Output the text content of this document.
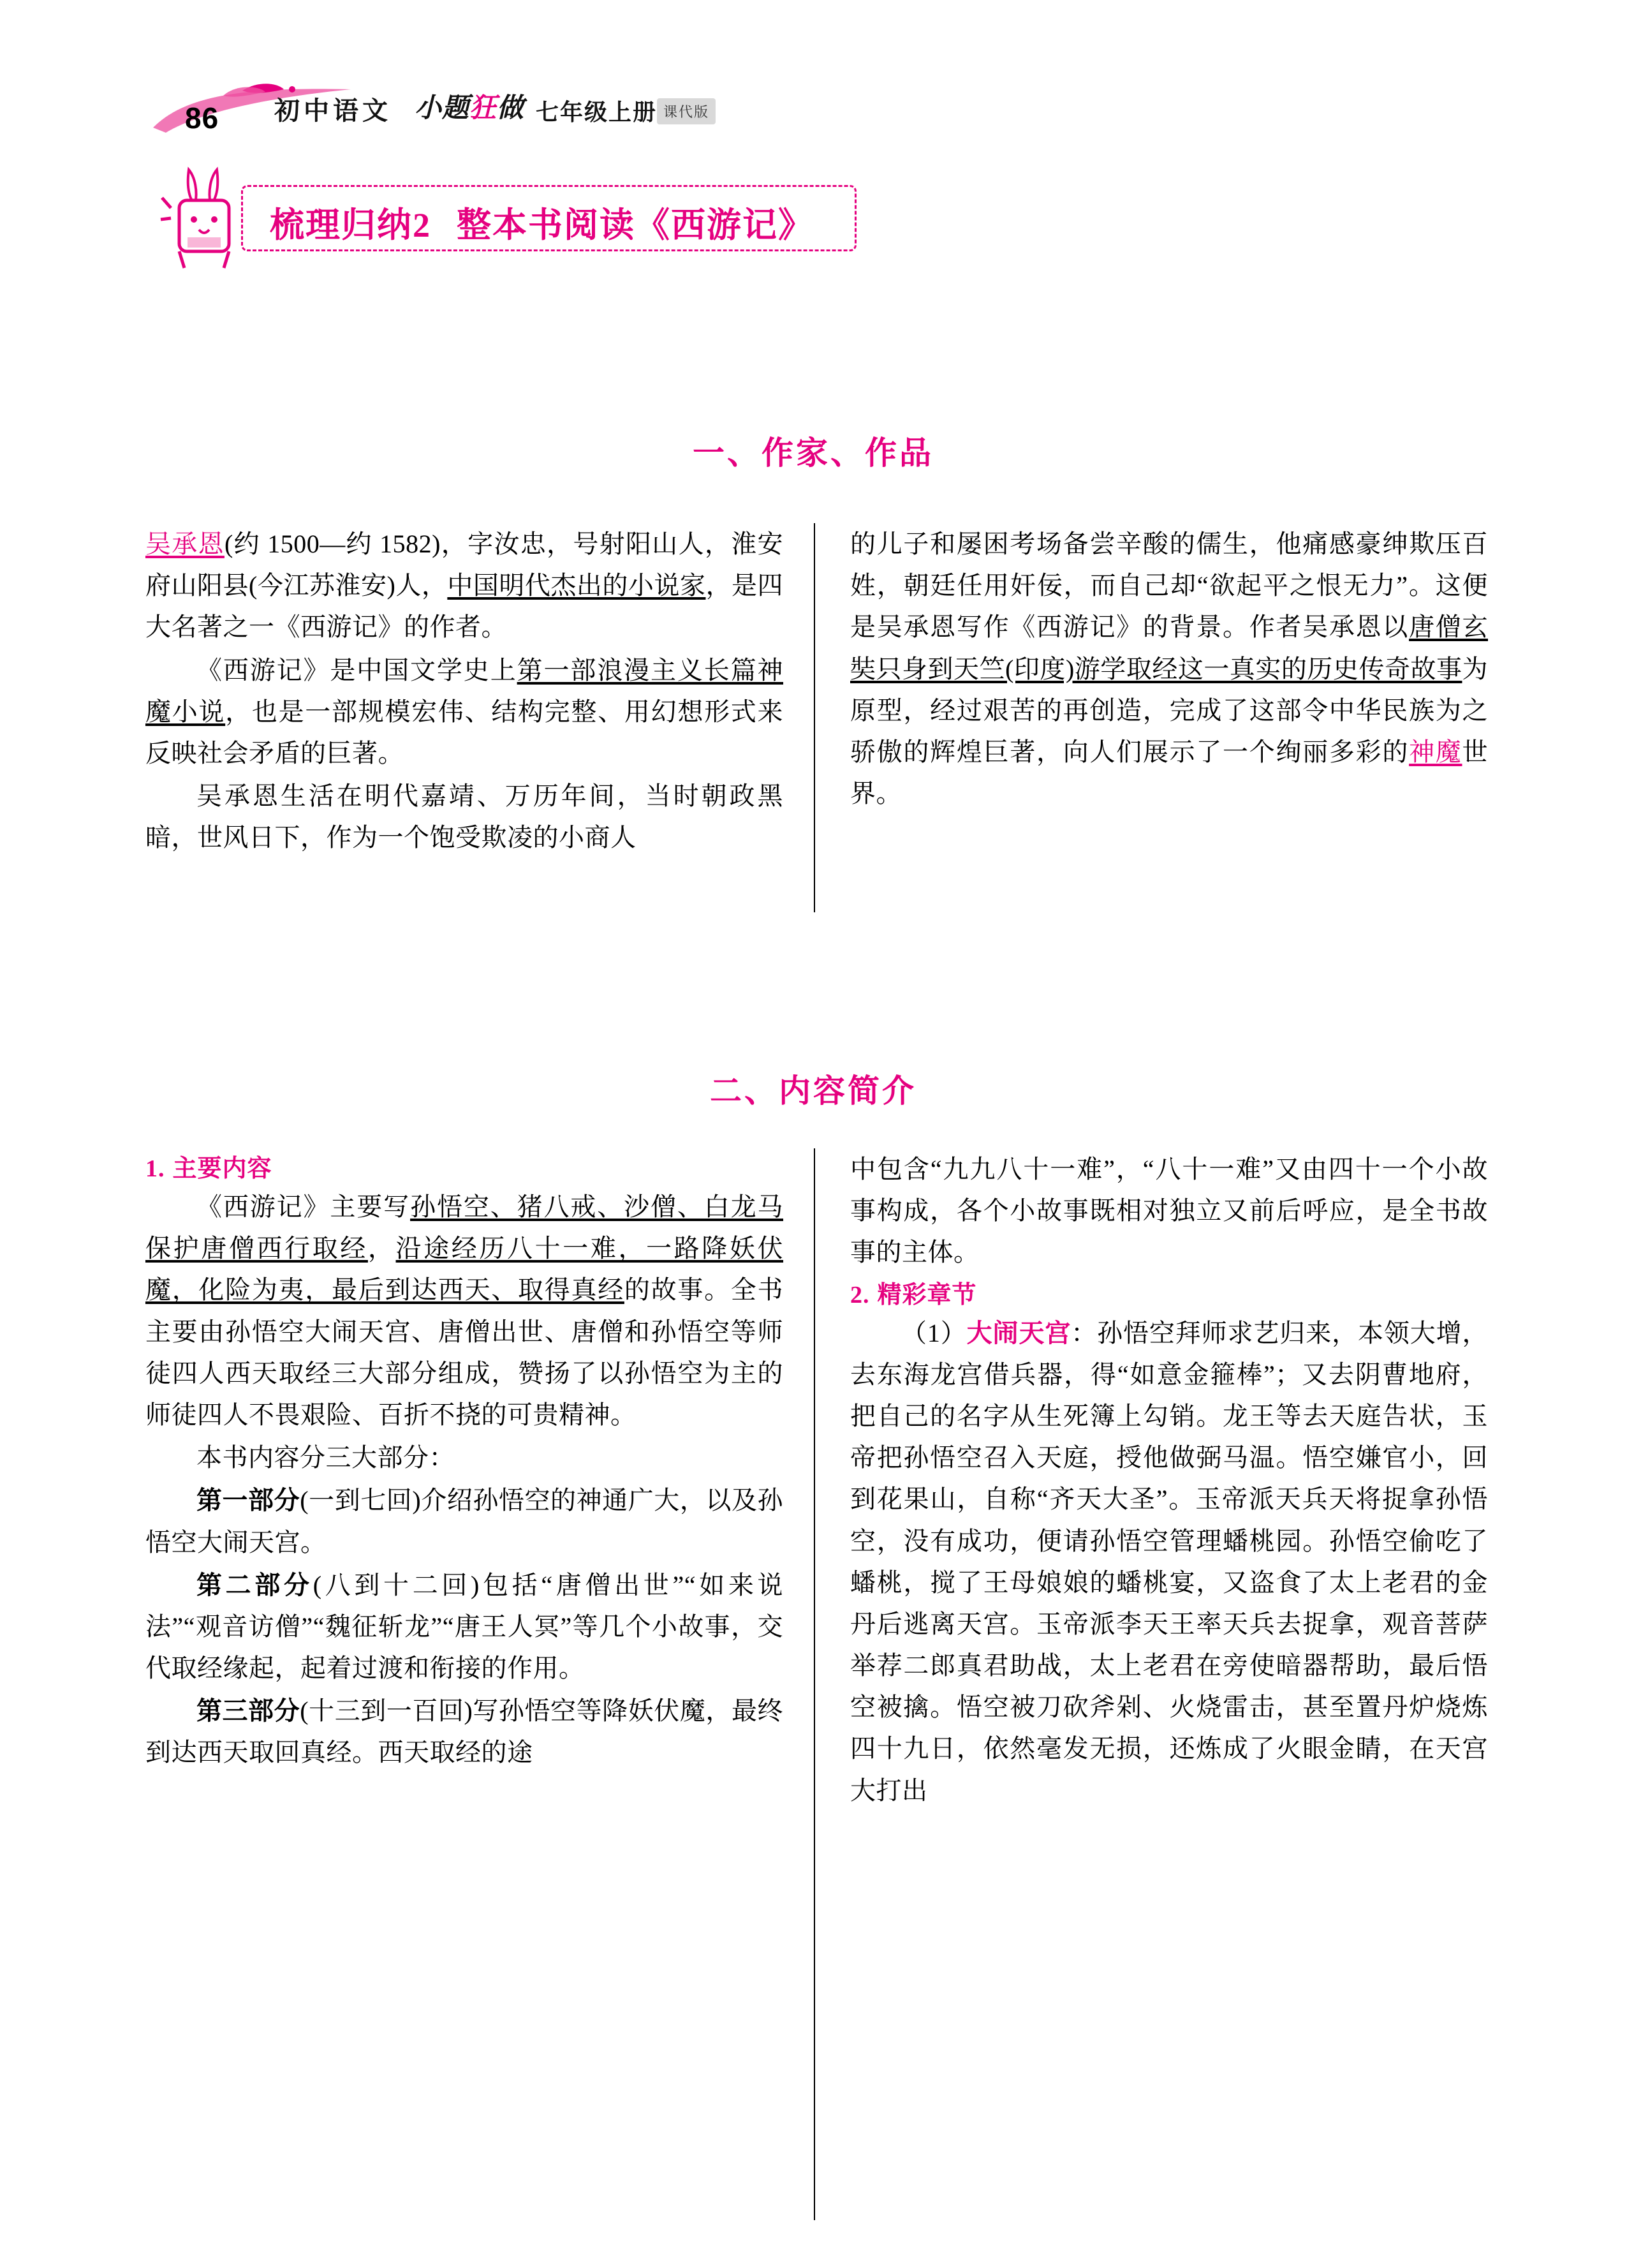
86 初中语文 小题狂做 七年级上册 课代版
梳理归纳2 整本书阅读《西游记》
一、作家、作品

吴承恩(约 1500—约 1582)，字汝忠，号射阳山人，淮安府山阳县(今江苏淮安)人，中国明代杰出的小说家，是四大名著之一《西游记》的作者。

《西游记》是中国文学史上第一部浪漫主义长篇神魔小说，也是一部规模宏伟、结构完整、用幻想形式来反映社会矛盾的巨著。

吴承恩生活在明代嘉靖、万历年间，当时朝政黑暗，世风日下，作为一个饱受欺凌的小商人

的儿子和屡困考场备尝辛酸的儒生，他痛感豪绅欺压百姓，朝廷任用奸佞，而自己却“欲起平之恨无力”。这便是吴承恩写作《西游记》的背景。作者吴承恩以唐僧玄奘只身到天竺(印度)游学取经这一真实的历史传奇故事为原型，经过艰苦的再创造，完成了这部令中华民族为之骄傲的辉煌巨著，向人们展示了一个绚丽多彩的神魔世界。

二、内容简介
1. 主要内容

《西游记》主要写孙悟空、猪八戒、沙僧、白龙马保护唐僧西行取经，沿途经历八十一难，一路降妖伏魔，化险为夷，最后到达西天、取得真经的故事。全书主要由孙悟空大闹天宫、唐僧出世、唐僧和孙悟空等师徒四人西天取经三大部分组成，赞扬了以孙悟空为主的师徒四人不畏艰险、百折不挠的可贵精神。

本书内容分三大部分：

第一部分(一到七回)介绍孙悟空的神通广大，以及孙悟空大闹天宫。

第二部分(八到十二回)包括“唐僧出世”“如来说法”“观音访僧”“魏征斩龙”“唐王人冥”等几个小故事，交代取经缘起，起着过渡和衔接的作用。

第三部分(十三到一百回)写孙悟空等降妖伏魔，最终到达西天取回真经。西天取经的途

中包含“九九八十一难”，“八十一难”又由四十一个小故事构成，各个小故事既相对独立又前后呼应，是全书故事的主体。

2. 精彩章节

（1）大闹天宫：孙悟空拜师求艺归来，本领大增，去东海龙宫借兵器，得“如意金箍棒”；又去阴曹地府，把自己的名字从生死簿上勾销。龙王等去天庭告状，玉帝把孙悟空召入天庭，授他做弼马温。悟空嫌官小，回到花果山，自称“齐天大圣”。玉帝派天兵天将捉拿孙悟空，没有成功，便请孙悟空管理蟠桃园。孙悟空偷吃了蟠桃，搅了王母娘娘的蟠桃宴，又盗食了太上老君的金丹后逃离天宫。玉帝派李天王率天兵去捉拿，观音菩萨举荐二郎真君助战，太上老君在旁使暗器帮助，最后悟空被擒。悟空被刀砍斧剁、火烧雷击，甚至置丹炉烧炼四十九日，依然毫发无损，还炼成了火眼金睛，在天宫大打出
